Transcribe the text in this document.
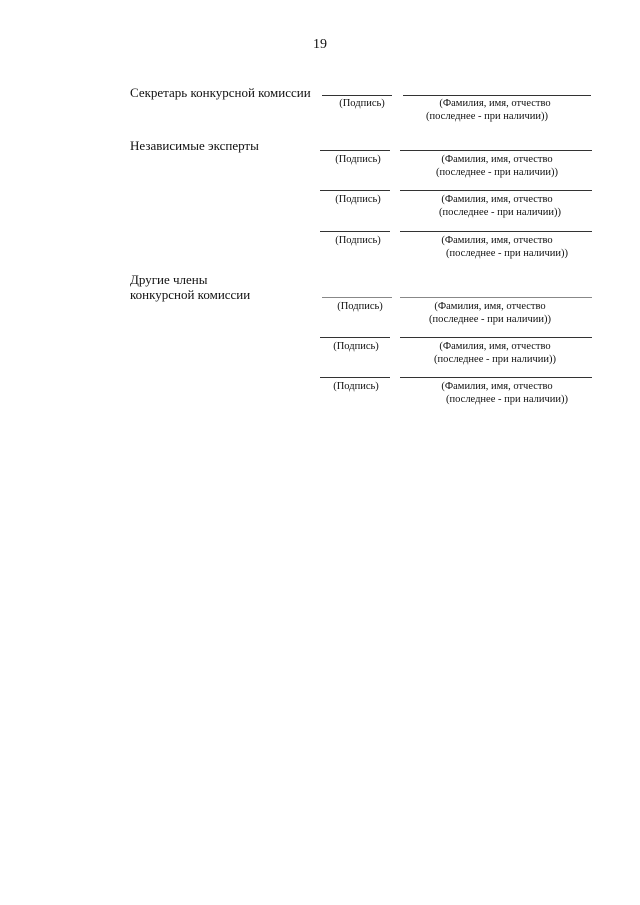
19
Секретарь конкурсной комиссии
(Подпись)	(Фамилия, имя, отчество
(последнее - при наличии))
Независимые эксперты
(Подпись)	(Фамилия, имя, отчество
(последнее - при наличии))
(Подпись)	(Фамилия, имя, отчество
(последнее - при наличии))
(Подпись)	(Фамилия, имя, отчество
(последнее - при наличии))
Другие члены
конкурсной комиссии
(Подпись)	(Фамилия, имя, отчество
(последнее - при наличии))
(Подпись)	(Фамилия, имя, отчество
(последнее - при наличии))
(Подпись)	(Фамилия, имя, отчество
(последнее - при наличии))
